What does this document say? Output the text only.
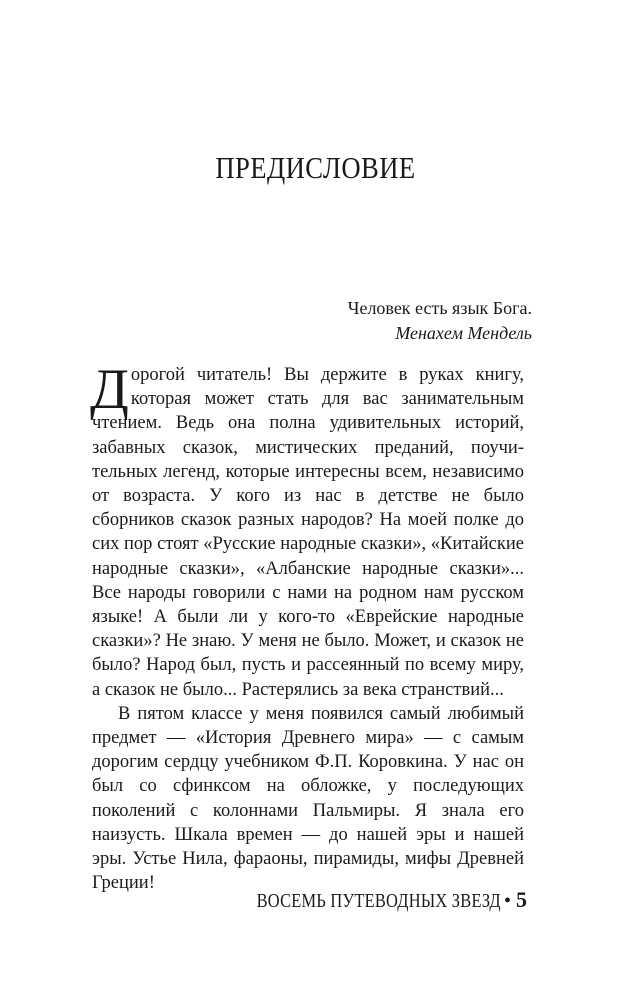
ПРЕДИСЛОВИЕ
Человек есть язык Бога.
Менахем Мендель

Дорогой читатель! Вы держите в руках книгу, которая может стать для вас занимательным чтением. Ведь она полна удивительных историй, забавных сказок, мистических преданий, поучительных легенд, которые интересны всем, независимо от возраста. У кого из нас в детстве не было сборников сказок разных народов? На моей полке до сих пор стоят «Русские народные сказки», «Китайские народные сказки», «Албанские народные сказки»... Все народы говорили с нами на родном нам русском языке! А были ли у кого-то «Еврейские народные сказки»? Не знаю. У меня не было. Может, и сказок не было? Народ был, пусть и рассеянный по всему миру, а сказок не было... Растерялись за века странствий...

В пятом классе у меня появился самый любимый предмет — «История Древнего мира» — с самым дорогим сердцу учебником Ф.П. Коровкина. У нас он был со сфинксом на обложке, у последующих поколений с колоннами Пальмиры. Я знала его наизусть. Шкала времен — до нашей эры и нашей эры. Устье Нила, фараоны, пирамиды, мифы Древней Греции!

ВОСЕМЬ ПУТЕВОДНЫХ ЗВЕЗД • 5
